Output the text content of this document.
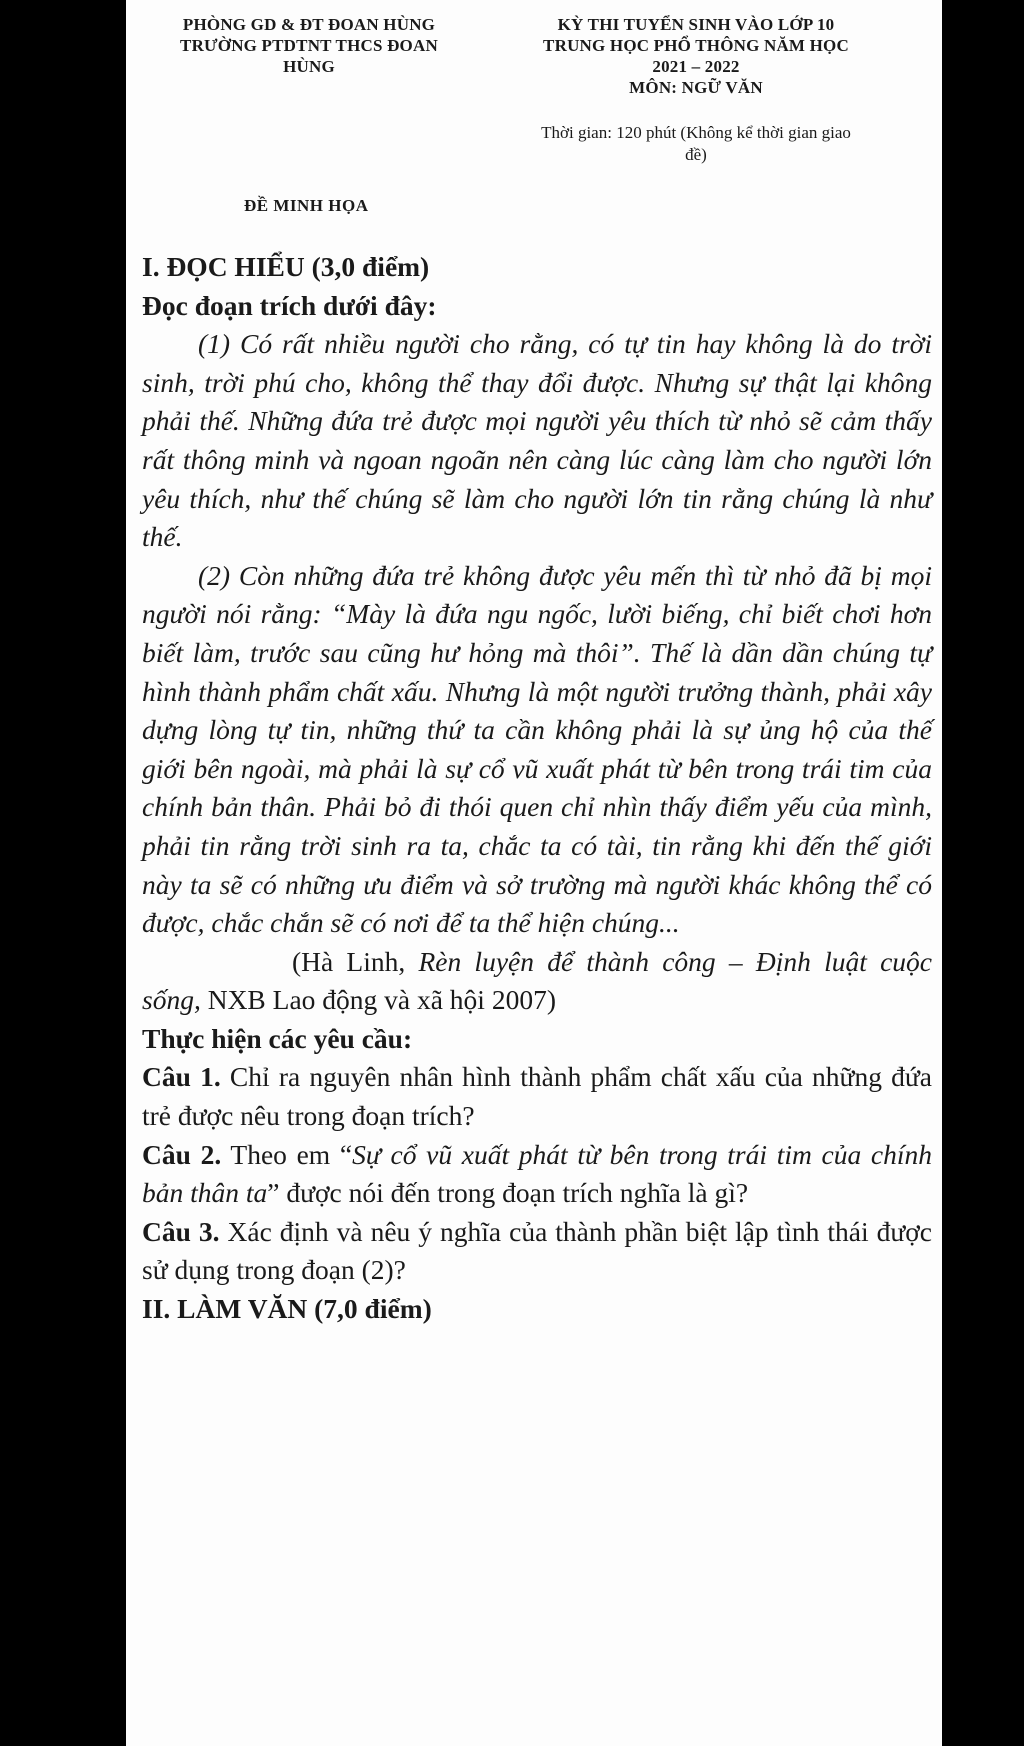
PHÒNG GD & ĐT ĐOAN HÙNG
TRƯỜNG PTDTNT THCS ĐOAN
HÙNG
KỲ THI TUYỂN SINH VÀO LỚP 10
TRUNG HỌC PHỔ THÔNG NĂM HỌC
2021 – 2022
MÔN: NGỮ VĂN
Thời gian: 120 phút (Không kể thời gian giao
đề)
ĐỀ MINH HỌA

I. ĐỌC HIỂU (3,0 điểm)

Đọc đoạn trích dưới đây:

(1) Có rất nhiều người cho rằng, có tự tin hay không là do trời sinh, trời phú cho, không thể thay đổi được. Nhưng sự thật lại không phải thế. Những đứa trẻ được mọi người yêu thích từ nhỏ sẽ cảm thấy rất thông minh và ngoan ngoãn nên càng lúc càng làm cho người lớn yêu thích, như thế chúng sẽ làm cho người lớn tin rằng chúng là như thế.

(2) Còn những đứa trẻ không được yêu mến thì từ nhỏ đã bị mọi người nói rằng: “Mày là đứa ngu ngốc, lười biếng, chỉ biết chơi hơn biết làm, trước sau cũng hư hỏng mà thôi”. Thế là dần dần chúng tự hình thành phẩm chất xấu. Nhưng là một người trưởng thành, phải xây dựng lòng tự tin, những thứ ta cần không phải là sự ủng hộ của thế giới bên ngoài, mà phải là sự cổ vũ xuất phát từ bên trong trái tim của chính bản thân. Phải bỏ đi thói quen chỉ nhìn thấy điểm yếu của mình, phải tin rằng trời sinh ra ta, chắc ta có tài, tin rằng khi đến thế giới này ta sẽ có những ưu điểm và sở trường mà người khác không thể có được, chắc chắn sẽ có nơi để ta thể hiện chúng...

(Hà Linh, Rèn luyện để thành công – Định luật cuộc sống, NXB Lao động và xã hội 2007)

Thực hiện các yêu cầu:

Câu 1. Chỉ ra nguyên nhân hình thành phẩm chất xấu của những đứa trẻ được nêu trong đoạn trích?

Câu 2. Theo em “Sự cổ vũ xuất phát từ bên trong trái tim của chính bản thân ta” được nói đến trong đoạn trích nghĩa là gì?

Câu 3. Xác định và nêu ý nghĩa của thành phần biệt lập tình thái được sử dụng trong đoạn (2)?

II. LÀM VĂN (7,0 điểm)
